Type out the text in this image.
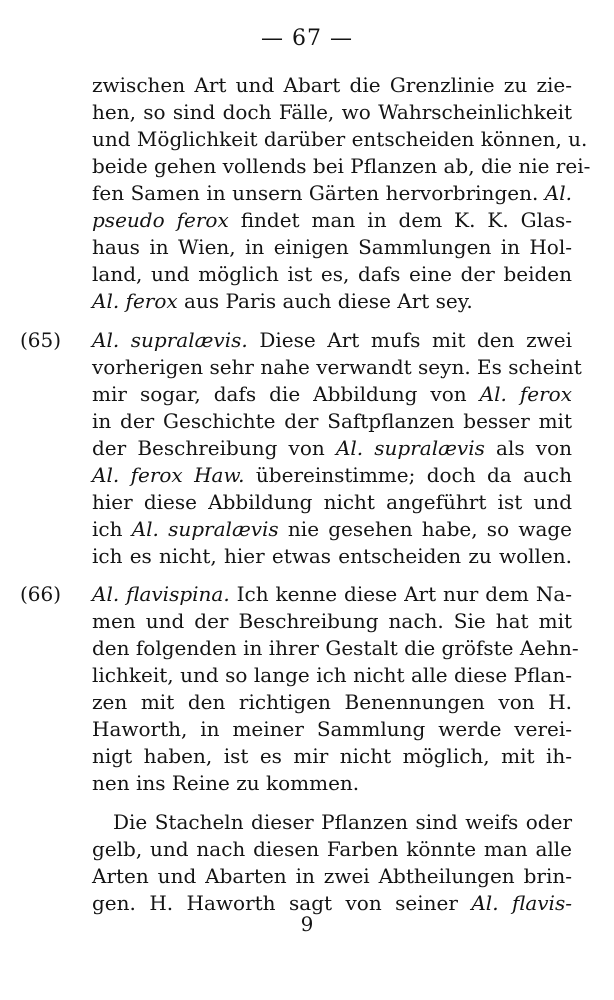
— 67 —
zwischen Art und Abart die Grenzlinie zu zie-
hen, so sind doch Fälle, wo Wahrscheinlichkeit
und Möglichkeit darüber entscheiden können, u.
beide gehen vollends bei Pflanzen ab, die nie rei-
fen Samen in unsern Gärten hervorbringen. Al.
pseudo ferox findet man in dem K. K. Glas-
haus in Wien, in einigen Sammlungen in Hol-
land, und möglich ist es, dafs eine der beiden
Al. ferox aus Paris auch diese Art sey.
(65) Al. supralævis. Diese Art mufs mit den zwei
vorherigen sehr nahe verwandt seyn. Es scheint
mir sogar, dafs die Abbildung von Al. ferox
in der Geschichte der Saftpflanzen besser mit
der Beschreibung von Al. supralævis als von
Al. ferox Haw. übereinstimme; doch da auch
hier diese Abbildung nicht angeführt ist und
ich Al. supralævis nie gesehen habe, so wage
ich es nicht, hier etwas entscheiden zu wollen.
(66) Al. flavispina. Ich kenne diese Art nur dem Na-
men und der Beschreibung nach. Sie hat mit
den folgenden in ihrer Gestalt die gröfste Aehn-
lichkeit, und so lange ich nicht alle diese Pflan-
zen mit den richtigen Benennungen von H.
Haworth, in meiner Sammlung werde verei-
nigt haben, ist es mir nicht möglich, mit ih-
nen ins Reine zu kommen.
Die Stacheln dieser Pflanzen sind weifs oder
gelb, und nach diesen Farben könnte man alle
Arten und Abarten in zwei Abtheilungen brin-
gen. H. Haworth sagt von seiner Al. flavis-
9
